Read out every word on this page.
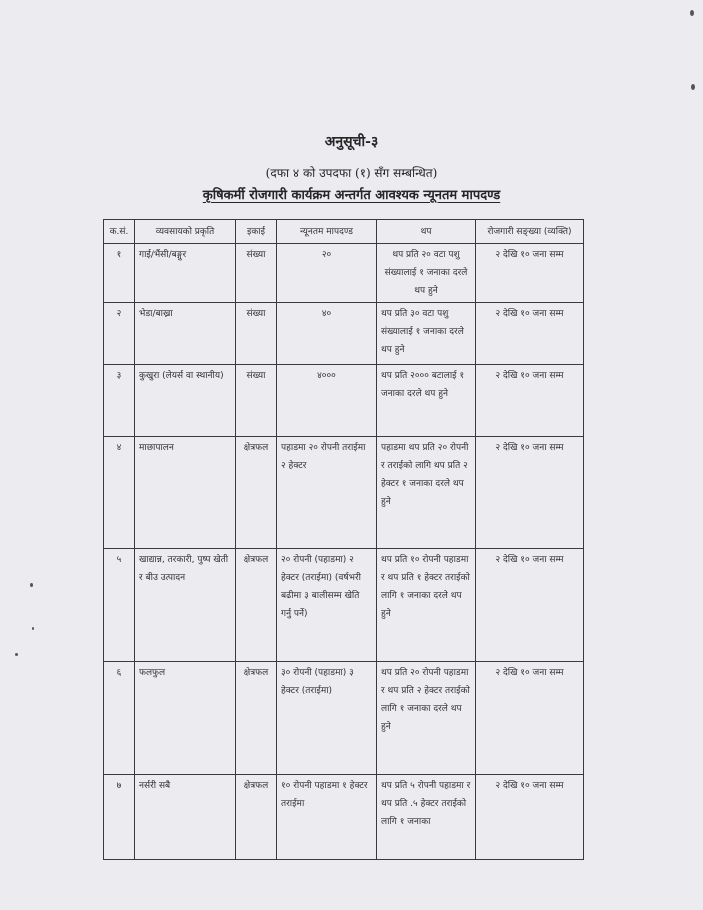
अनुसूची-३
(दफा ४ को उपदफा (१) सँग सम्बन्धित)
कृषिकर्मी रोजगारी कार्यक्रम अन्तर्गत आवश्यक न्यूनतम मापदण्ड
क.सं.	व्यवसायको प्रकृति	इकाई	न्यूनतम मापदण्ड	थप	रोजगारी सङ्ख्या (व्यक्ति)
१	गाई/भैंसी/बङ्गुर	संख्या	२०	थप प्रति २० वटा पशु संख्यालाई १ जनाका दरले थप हुने	२ देखि १० जना सम्म
२	भेडा/बाख्रा	संख्या	४०	थप प्रति ३० वटा पशु संख्यालाई १ जनाका दरले थप हुने	२ देखि १० जना सम्म
३	कुखुरा (लेयर्स वा स्थानीय)	संख्या	४०००	थप प्रति २००० बटालाई १ जनाका दरले थप हुने	२ देखि १० जना सम्म
४	माछापालन	क्षेत्रफल	पहाडमा २० रोपनी तराईमा २ हेक्टर	पहाडमा थप प्रति २० रोपनी र तराईको लागि थप प्रति २ हेक्टर १ जनाका दरले थप हुने	२ देखि १० जना सम्म
५	खाद्यान्न, तरकारी, पुष्प खेती र बीउ उत्पादन	क्षेत्रफल	२० रोपनी (पहाडमा) २ हेक्टर (तराईमा) (वर्षभरी बढीमा ३ बालीसम्म खेति गर्नु पर्ने)	थप प्रति १० रोपनी पहाडमा र थप प्रति १ हेक्टर तराईको लागि १ जनाका दरले थप हुने	२ देखि १० जना सम्म
६	फलफुल	क्षेत्रफल	३० रोपनी (पहाडमा) ३ हेक्टर (तराईमा)	थप प्रति २० रोपनी पहाडमा र थप प्रति २ हेक्टर तराईको लागि १ जनाका दरले थप हुने	२ देखि १० जना सम्म
७	नर्सरी सबै	क्षेत्रफल	१० रोपनी पहाडमा १ हेक्टर तराईमा	थप प्रति ५ रोपनी पहाडमा र थप प्रति .५ हेक्टर तराईको लागि १ जनाका	२ देखि १० जना सम्म
